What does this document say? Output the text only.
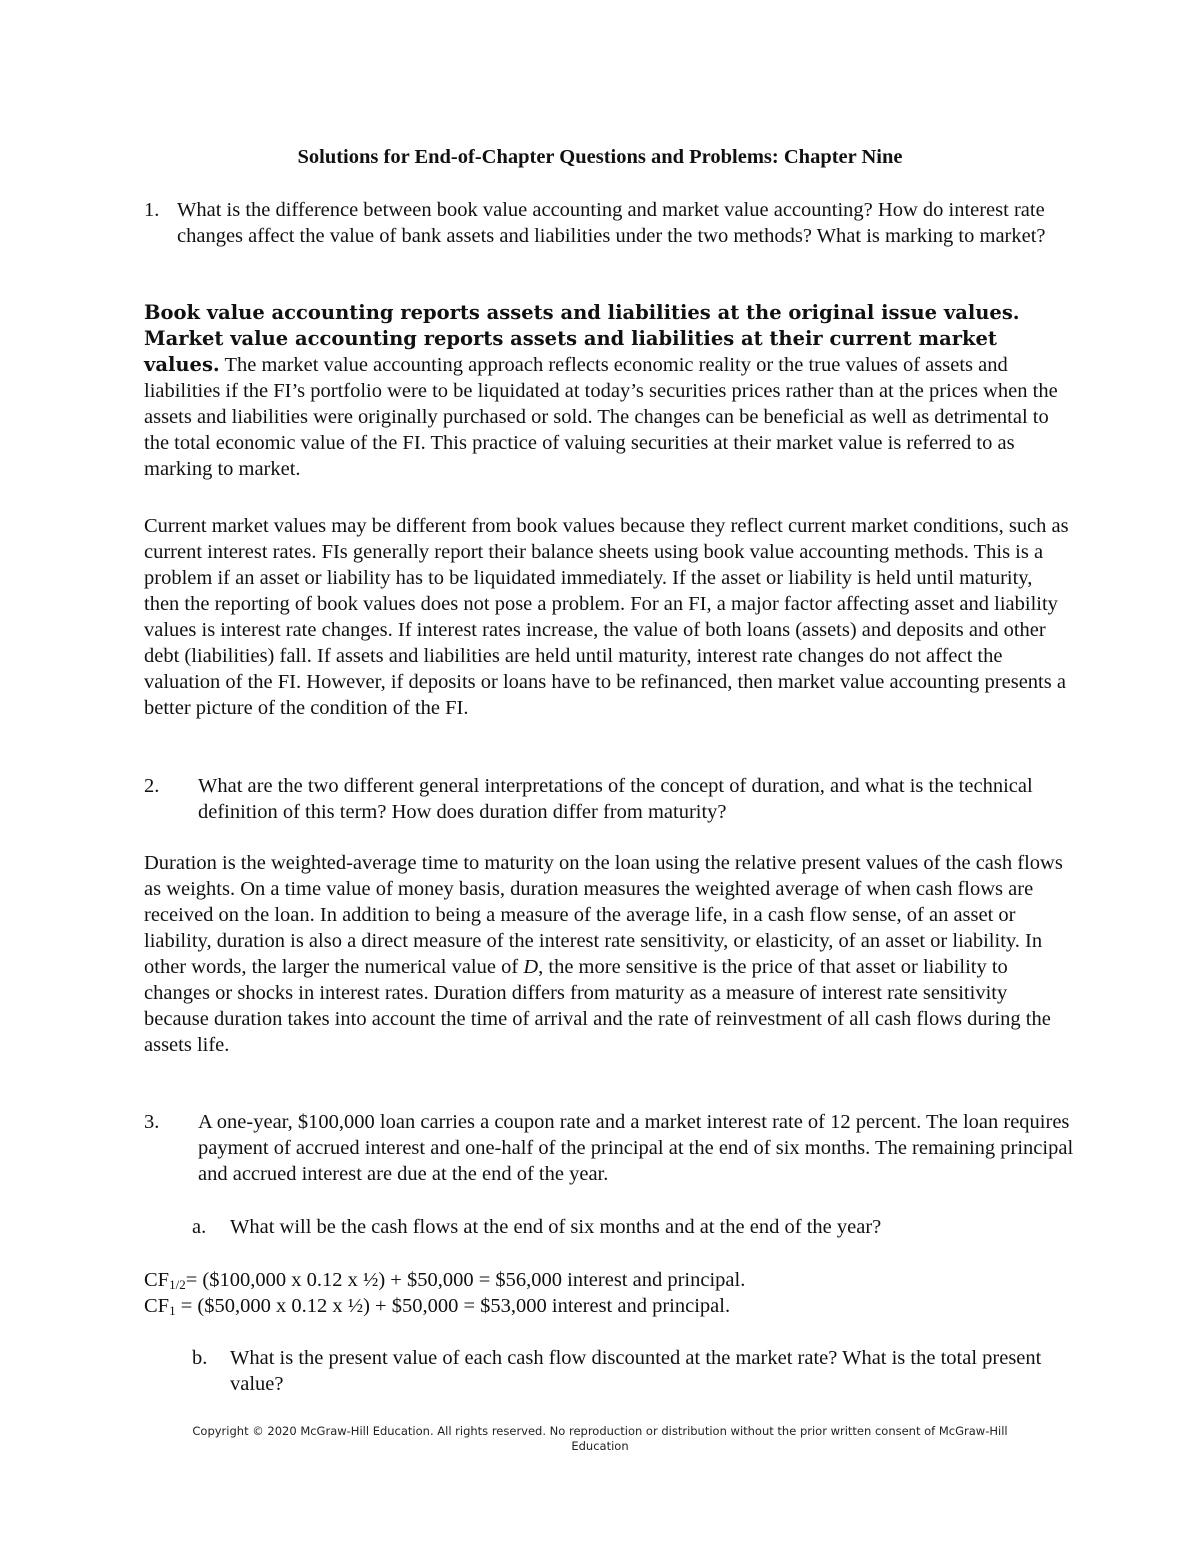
Solutions for End-of-Chapter Questions and Problems: Chapter Nine
1. What is the difference between book value accounting and market value accounting? How do interest rate changes affect the value of bank assets and liabilities under the two methods? What is marking to market?
Book value accounting reports assets and liabilities at the original issue values. Market value accounting reports assets and liabilities at their current market values. The market value accounting approach reflects economic reality or the true values of assets and liabilities if the FI’s portfolio were to be liquidated at today’s securities prices rather than at the prices when the assets and liabilities were originally purchased or sold. The changes can be beneficial as well as detrimental to the total economic value of the FI. This practice of valuing securities at their market value is referred to as marking to market.
Current market values may be different from book values because they reflect current market conditions, such as current interest rates. FIs generally report their balance sheets using book value accounting methods. This is a problem if an asset or liability has to be liquidated immediately. If the asset or liability is held until maturity, then the reporting of book values does not pose a problem. For an FI, a major factor affecting asset and liability values is interest rate changes. If interest rates increase, the value of both loans (assets) and deposits and other debt (liabilities) fall. If assets and liabilities are held until maturity, interest rate changes do not affect the valuation of the FI. However, if deposits or loans have to be refinanced, then market value accounting presents a better picture of the condition of the FI.
2. What are the two different general interpretations of the concept of duration, and what is the technical definition of this term? How does duration differ from maturity?
Duration is the weighted-average time to maturity on the loan using the relative present values of the cash flows as weights. On a time value of money basis, duration measures the weighted average of when cash flows are received on the loan. In addition to being a measure of the average life, in a cash flow sense, of an asset or liability, duration is also a direct measure of the interest rate sensitivity, or elasticity, of an asset or liability. In other words, the larger the numerical value of D, the more sensitive is the price of that asset or liability to changes or shocks in interest rates. Duration differs from maturity as a measure of interest rate sensitivity because duration takes into account the time of arrival and the rate of reinvestment of all cash flows during the assets life.
3. A one-year, $100,000 loan carries a coupon rate and a market interest rate of 12 percent. The loan requires payment of accrued interest and one-half of the principal at the end of six months. The remaining principal and accrued interest are due at the end of the year.
a. What will be the cash flows at the end of six months and at the end of the year?
$CF_{1/2}=$ ($100,000 x 0.12 x ½) + $50,000 = $56,000 interest and principal.
$CF_1$ = ($50,000 x 0.12 x ½) + $50,000 = $53,000 interest and principal.
b. What is the present value of each cash flow discounted at the market rate? What is the total present value?
Copyright © 2020 McGraw-Hill Education. All rights reserved. No reproduction or distribution without the prior written consent of McGraw-Hill
Education
